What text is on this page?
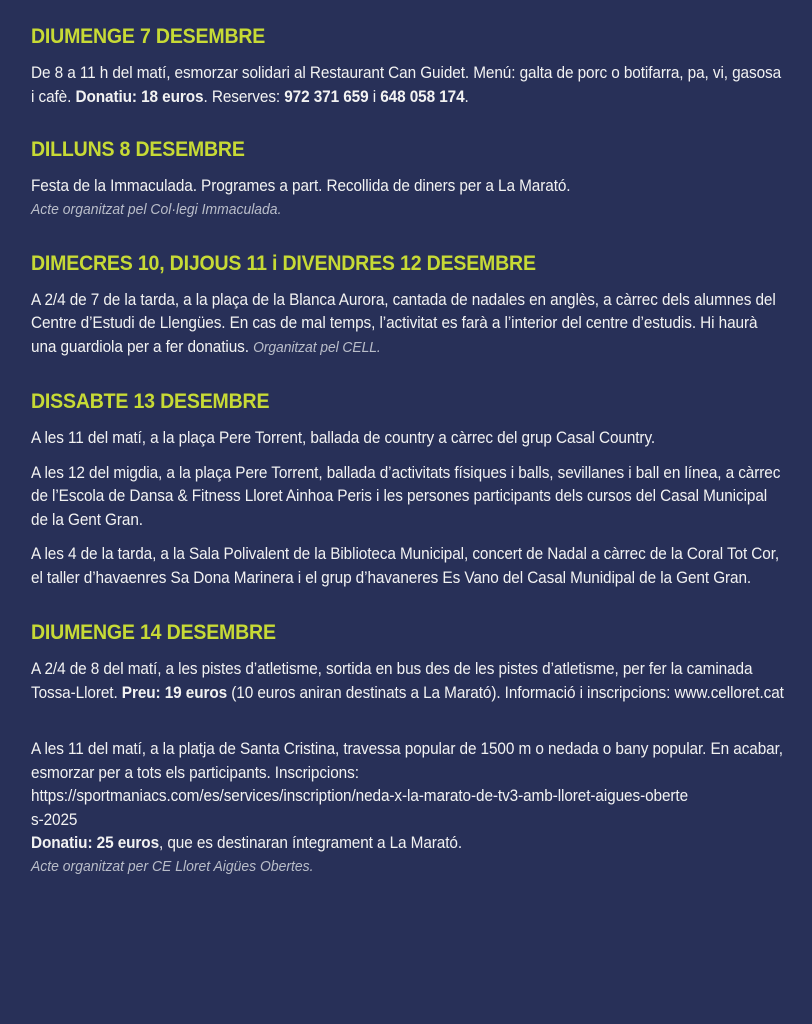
DIUMENGE 7 DESEMBRE

De 8 a 11 h del matí, esmorzar solidari al Restaurant Can Guidet. Menú: galta de porc o botifarra, pa, vi, gasosa i cafè. Donatiu: 18 euros. Reserves: 972 371 659 i 648 058 174.

DILLUNS 8 DESEMBRE

Festa de la Immaculada. Programes a part. Recollida de diners per a La Marató.

Acte organitzat pel Col·legi Immaculada.

DIMECRES 10, DIJOUS 11 i DIVENDRES 12 DESEMBRE

A 2/4 de 7 de la tarda, a la plaça de la Blanca Aurora, cantada de nadales en anglès, a càrrec dels alumnes del Centre d’Estudi de Llengües. En cas de mal temps, l’activitat es farà a l’interior del centre d’estudis. Hi haurà una guardiola per a fer donatius. Organitzat pel CELL.

DISSABTE 13 DESEMBRE

A les 11 del matí, a la plaça Pere Torrent, ballada de country a càrrec del grup Casal Country.

A les 12 del migdia, a la plaça Pere Torrent, ballada d’activitats físiques i balls, sevillanes i ball en línea, a càrrec de l’Escola de Dansa & Fitness Lloret Ainhoa Peris i les persones participants dels cursos del Casal Municipal de la Gent Gran.

A les 4 de la tarda, a la Sala Polivalent de la Biblioteca Municipal, concert de Nadal a càrrec de la Coral Tot Cor, el taller d’havaenres Sa Dona Marinera i el grup d’havaneres Es Vano del Casal Munidipal de la Gent Gran.

DIUMENGE 14 DESEMBRE

A 2/4 de 8 del matí, a les pistes d’atletisme, sortida en bus des de les pistes d’atletisme, per fer la caminada Tossa-Lloret. Preu: 19 euros (10 euros aniran destinats a La Marató). Informació i inscripcions: www.celloret.cat

A les 11 del matí, a la platja de Santa Cristina, travessa popular de 1500 m o nedada o bany popular. En acabar, esmorzar per a tots els participants. Inscripcions:
https://sportmaniacs.com/es/services/inscription/neda-x-la-marato-de-tv3-amb-lloret-aigues-oberte
s-2025
Donatiu: 25 euros, que es destinaran íntegrament a La Marató.

Acte organitzat per CE Lloret Aigües Obertes.
